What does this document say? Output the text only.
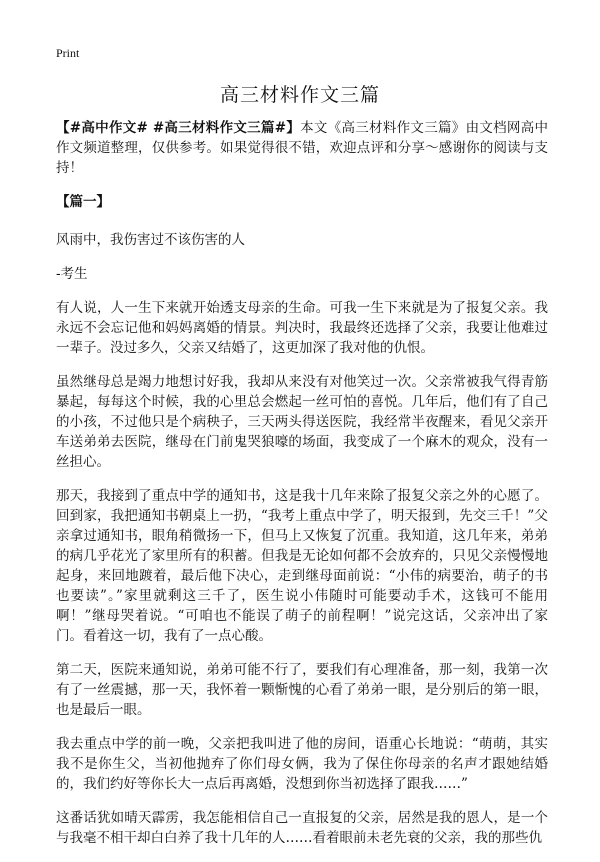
Print
高三材料作文三篇

【#高中作文# #高三材料作文三篇#】本文《高三材料作文三篇》由文档网高中作文频道整理，仅供参考。如果觉得很不错，欢迎点评和分享～感谢你的阅读与支持！

【篇一】

风雨中，我伤害过不该伤害的人

-考生

有人说，人一生下来就开始透支母亲的生命。可我一生下来就是为了报复父亲。我永远不会忘记他和妈妈离婚的情景。判决时，我最终还选择了父亲，我要让他难过一辈子。没过多久，父亲又结婚了，这更加深了我对他的仇恨。

虽然继母总是竭力地想讨好我，我却从来没有对他笑过一次。父亲常被我气得青筋暴起，每每这个时候，我的心里总会燃起一丝可怕的喜悦。几年后，他们有了自己的小孩，不过他只是个病秧子，三天两头得送医院，我经常半夜醒来，看见父亲开车送弟弟去医院，继母在门前鬼哭狼嚎的场面，我变成了一个麻木的观众，没有一丝担心。

那天，我接到了重点中学的通知书，这是我十几年来除了报复父亲之外的心愿了。回到家，我把通知书朝桌上一扔，“我考上重点中学了，明天报到，先交三千！”父亲拿过通知书，眼角稍微扬一下，但马上又恢复了沉重。我知道，这几年来，弟弟的病几乎花光了家里所有的积蓄。但我是无论如何都不会放弃的，只见父亲慢慢地起身，来回地踱着，最后他下决心，走到继母面前说：“小伟的病要治，萌子的书也要读”。”家里就剩这三千了，医生说小伟随时可能要动手术，这钱可不能用啊！”继母哭着说。“可咱也不能误了萌子的前程啊！”说完这话，父亲冲出了家门。看着这一切，我有了一点心酸。

第二天，医院来通知说，弟弟可能不行了，要我们有心理准备，那一刻，我第一次有了一丝震撼，那一天，我怀着一颗惭愧的心看了弟弟一眼，是分别后的第一眼，也是最后一眼。

我去重点中学的前一晚，父亲把我叫进了他的房间，语重心长地说：“萌萌，其实我不是你生父，当初他抛弃了你们母女俩，我为了保住你母亲的名声才跟她结婚的，我们约好等你长大一点后再离婚，没想到你当初选择了跟我……”

这番话犹如晴天霹雳，我怎能相信自己一直报复的父亲，居然是我的恩人，是一个与我毫不相干却白白养了我十几年的人……看着眼前未老先衰的父亲，我的那些仇
